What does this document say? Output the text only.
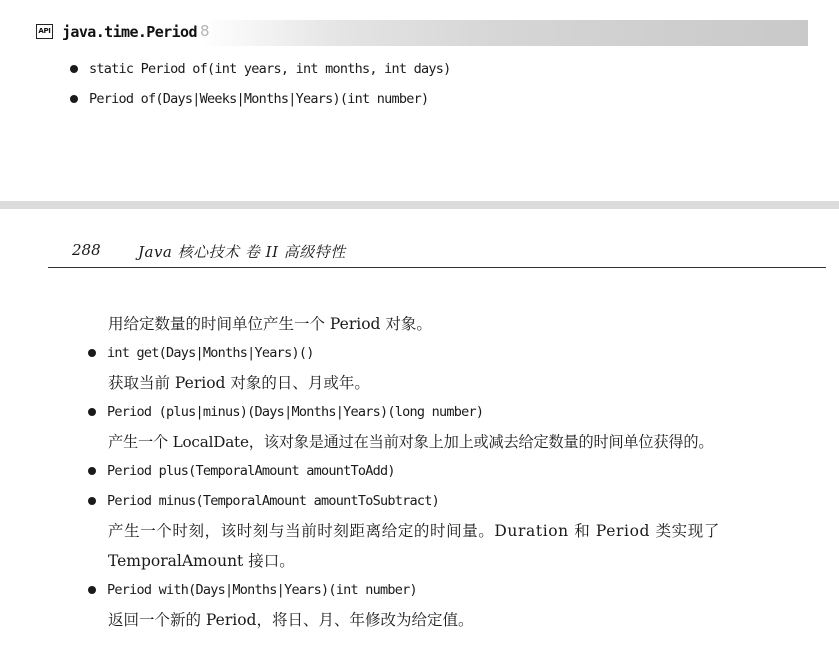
API java.time.Period 8
static Period of(int years, int months, int days)
Period of(Days|Weeks|Months|Years)(int number)
288 Java 核心技术 卷 II 高级特性
用给定数量的时间单位产生一个 Period 对象。
int get(Days|Months|Years)()
获取当前 Period 对象的日、月或年。
Period (plus|minus)(Days|Months|Years)(long number)
产生一个 LocalDate，该对象是通过在当前对象上加上或减去给定数量的时间单位获得的。
Period plus(TemporalAmount amountToAdd)
Period minus(TemporalAmount amountToSubtract)
产生一个时刻，该时刻与当前时刻距离给定的时间量。Duration 和 Period 类实现了
TemporalAmount 接口。
Period with(Days|Months|Years)(int number)
返回一个新的 Period，将日、月、年修改为给定值。
